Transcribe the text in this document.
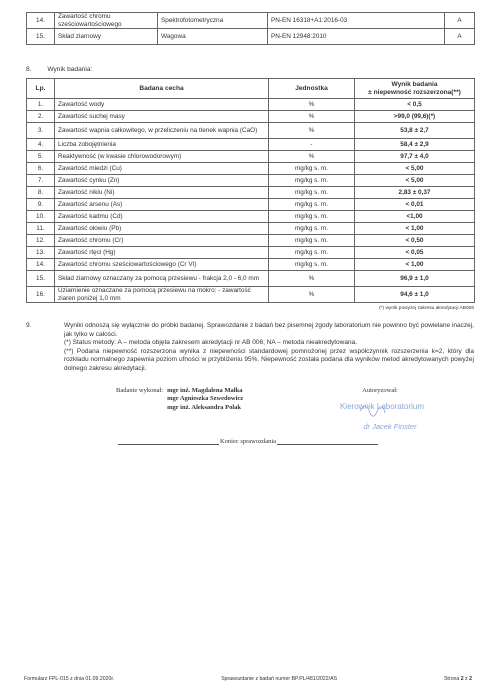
14.	Zawartość chromu sześciowartościowego	Spektrofotometryczna	PN-EN 16318+A1:2016-03	A
15.	Skład ziarnowy	Wagowa	PN-EN 12948:2010	A
8. Wynik badania:
Lp.	Badana cecha	Jednostka	Wynik badania
± niepewność rozszerzona(**)

1.	Zawartość wody	%	< 0,5
2.	Zawartość suchej masy	%	>99,0 (99,6)(*)
3.	Zawartość wapnia całkowitego, w przeliczeniu na tlenek wapnia (CaO)	%	53,8 ± 2,7
4.	Liczba zobojętnienia	-	58,4 ± 2,9
5.	Reaktywność (w kwasie chlorowodorowym)	%	97,7 ± 4,0
6.	Zawartość miedzi (Cu)	mg/kg s. m.	< 5,00
7.	Zawartość cynku (Zn)	mg/kg s. m.	< 5,00
8.	Zawartość niklu (Ni)	mg/kg s. m.	2,83 ± 0,37
9.	Zawartość arsenu (As)	mg/kg s. m.	< 0,01
10.	Zawartość kadmu (Cd)	mg/kg s. m.	<1,00
11.	Zawartość ołowiu (Pb)	mg/kg s. m.	< 1,00
12.	Zawartość chromu (Cr)	mg/kg s. m.	< 0,50
13.	Zawartość rtęci (Hg)	mg/kg s. m.	< 0,05
14.	Zawartość chromu sześciowartościowego (Cr VI)	mg/kg s. m.	< 1,00
15.	Skład ziarnowy oznaczany za pomocą przesiewu - frakcja 2,0 - 6,0 mm	%	96,9 ± 1,0
16.	Uziarnienie oznaczane za pomocą przesiewu na mokro: - zawartość ziaren poniżej 1,0 mm	%	94,6 ± 1,0
(*) wynik powyżej zakresu akredytacji AB006
9.	Wyniki odnoszą się wyłącznie do próbki badanej. Sprawozdanie z badań bez pisemnej zgody laboratorium nie powinno być powielane inaczej, jak tylko w całości.
(*) Status metody: A – metoda objęta zakresem akredytacji nr AB 006; NA – metoda nieakredytowana.
(**) Podana niepewność rozszerzona wynika z niepewności standardowej pomnożonej przez współczynnik rozszerzenia k=2, który dla rozkładu normalnego zapewnia poziom ufności w przybliżeniu 95%. Niepewność została podana dla wyników metod akredytowanych powyżej dolnego zakresu akredytacji.
Badanie wykonał: mgr inż. Magdalena Małka
mgr Agnieszka Szwedowicz
mgr inż. Aleksandra Polak
Autoryzował:
Kierownik Laboratorium
dr Jacek Finster
Koniec sprawozdania
Formularz FPL-015 z dnia 01.09.2020r.	Sprawozdanie z badań numer BP.PL/481/2022/AS	Strona 2 z 2
